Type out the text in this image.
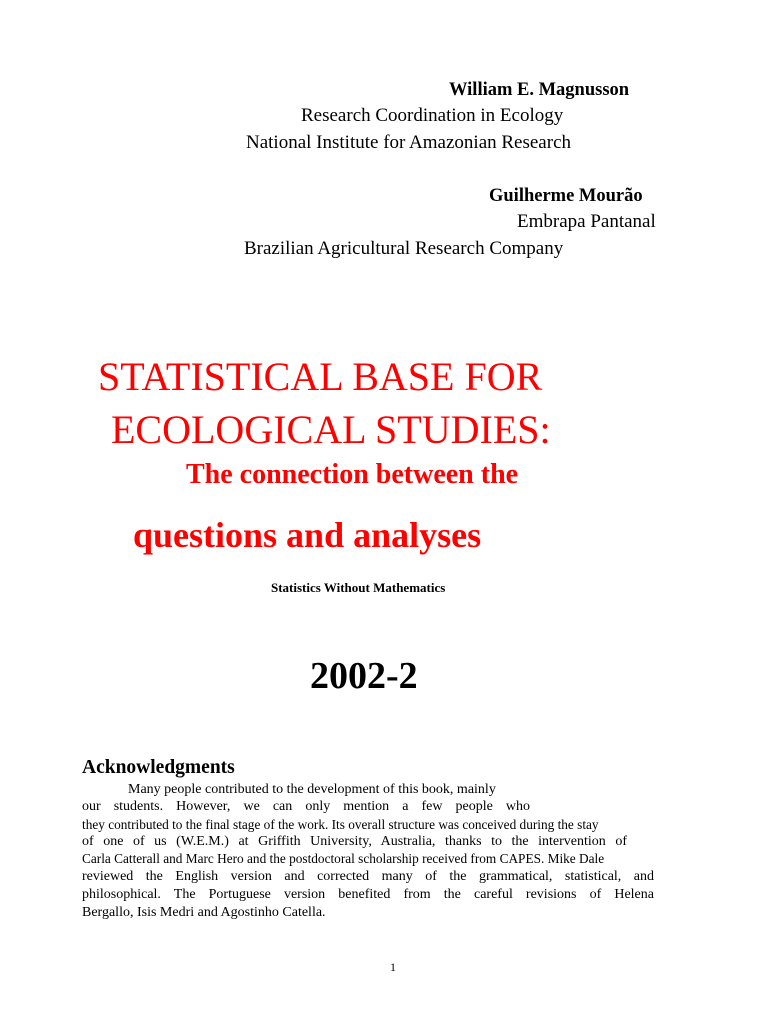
William E. Magnusson
Research Coordination in Ecology
National Institute for Amazonian Research
Guilherme Mourão
Embrapa Pantanal
Brazilian Agricultural Research Company
STATISTICAL BASE FOR
ECOLOGICAL STUDIES:
The connection between the
questions and analyses
Statistics Without Mathematics
2002-2
Acknowledgments
Many people contributed to the development of this book, mainly
our students. However, we can only mention a few people who
they contributed to the final stage of the work. Its overall structure was conceived during the stay
of one of us (W.E.M.) at Griffith University, Australia, thanks to the intervention of
Carla Catterall and Marc Hero and the postdoctoral scholarship received from CAPES. Mike Dale
reviewed the English version and corrected many of the grammatical, statistical, and
philosophical. The Portuguese version benefited from the careful revisions of Helena
Bergallo, Isis Medri and Agostinho Catella.
1
